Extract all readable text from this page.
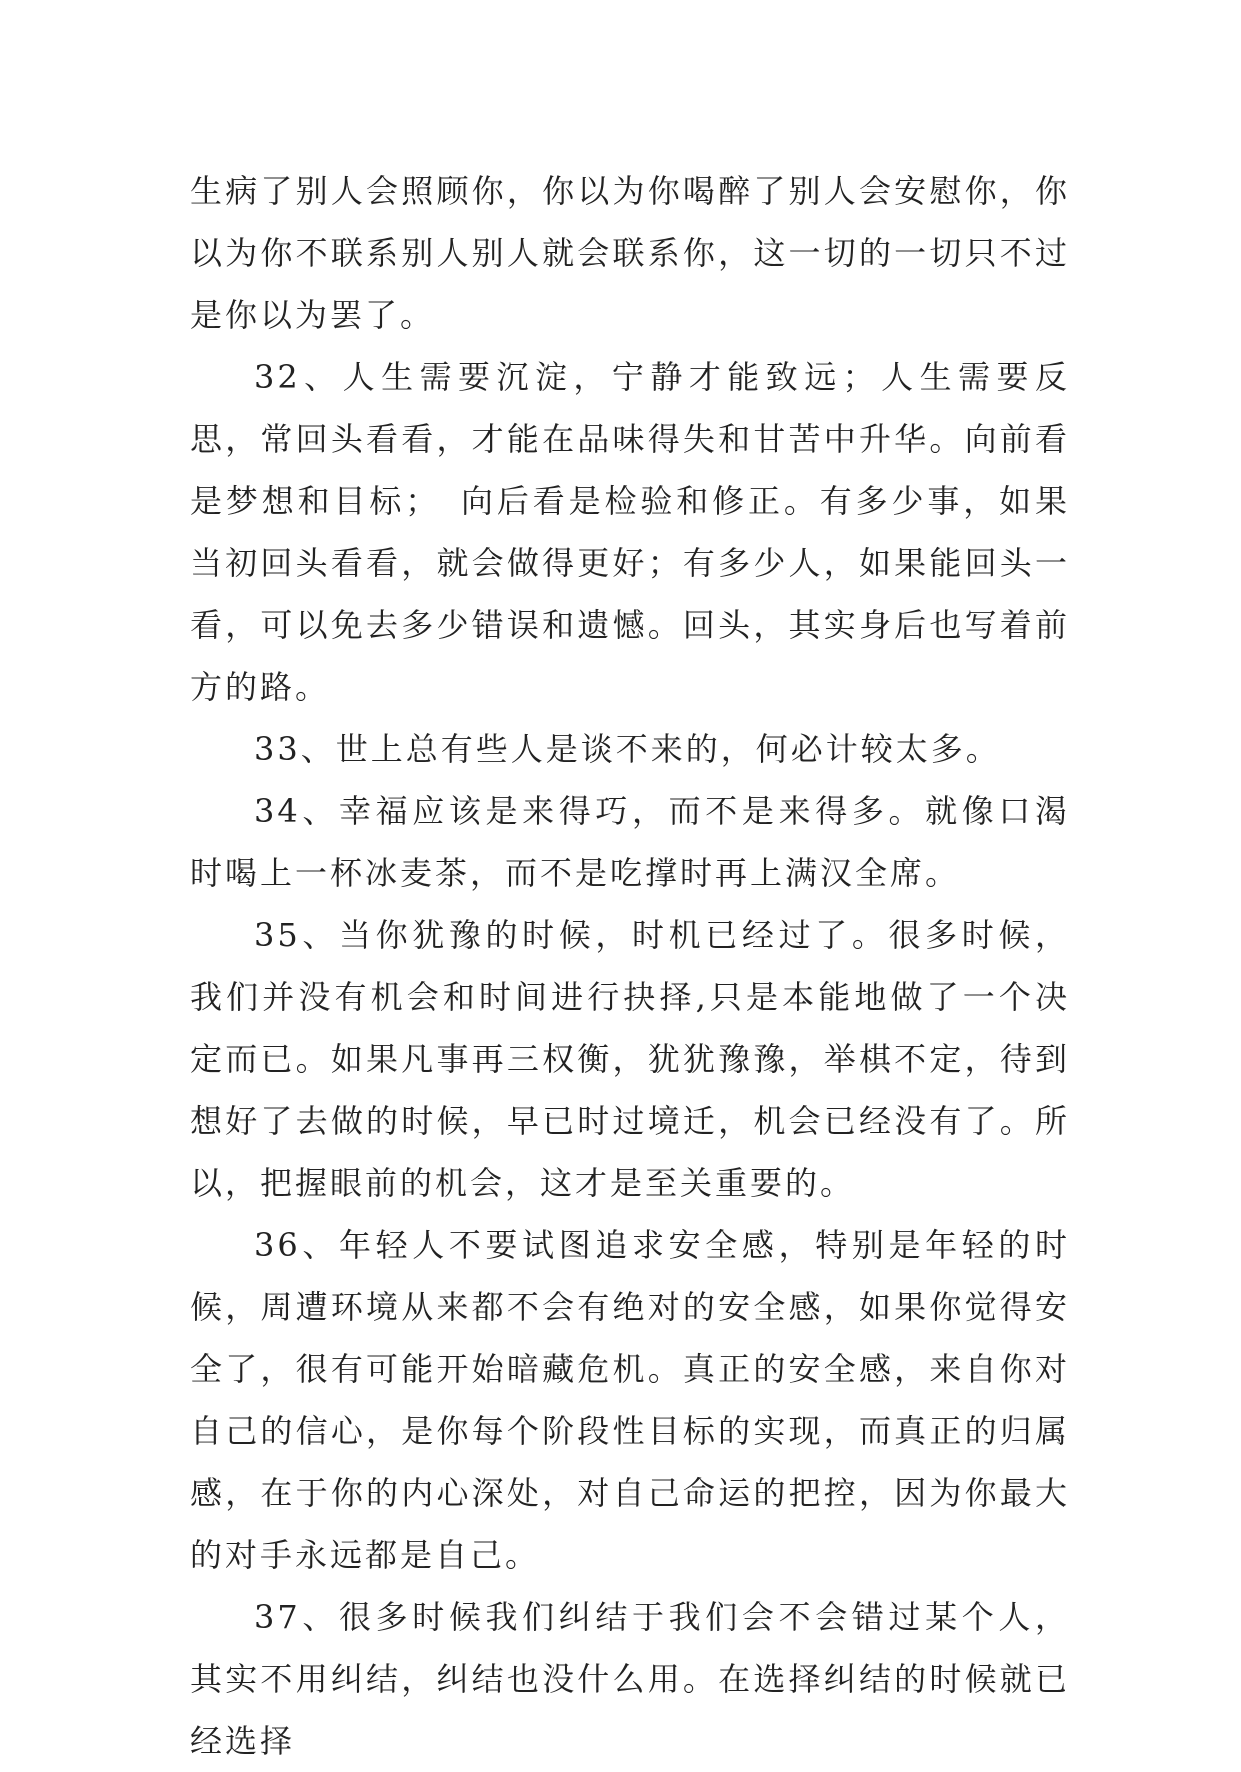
生病了别人会照顾你，你以为你喝醉了别人会安慰你，你以为你不联系别人别人就会联系你，这一切的一切只不过是你以为罢了。

32、人生需要沉淀，宁静才能致远；人生需要反思，常回头看看，才能在品味得失和甘苦中升华。向前看是梦想和目标；　向后看是检验和修正。有多少事，如果当初回头看看，就会做得更好；有多少人，如果能回头一看，可以免去多少错误和遗憾。回头，其实身后也写着前方的路。

33、世上总有些人是谈不来的，何必计较太多。

34、幸福应该是来得巧，而不是来得多。就像口渴时喝上一杯冰麦茶，而不是吃撑时再上满汉全席。

35、当你犹豫的时候，时机已经过了。很多时候，我们并没有机会和时间进行抉择,只是本能地做了一个决定而已。如果凡事再三权衡，犹犹豫豫，举棋不定，待到想好了去做的时候，早已时过境迁，机会已经没有了。所以，把握眼前的机会，这才是至关重要的。

36、年轻人不要试图追求安全感，特别是年轻的时候，周遭环境从来都不会有绝对的安全感，如果你觉得安全了，很有可能开始暗藏危机。真正的安全感，来自你对自己的信心，是你每个阶段性目标的实现，而真正的归属感，在于你的内心深处，对自己命运的把控，因为你最大的对手永远都是自己。

37、很多时候我们纠结于我们会不会错过某个人，其实不用纠结，纠结也没什么用。在选择纠结的时候就已经选择
